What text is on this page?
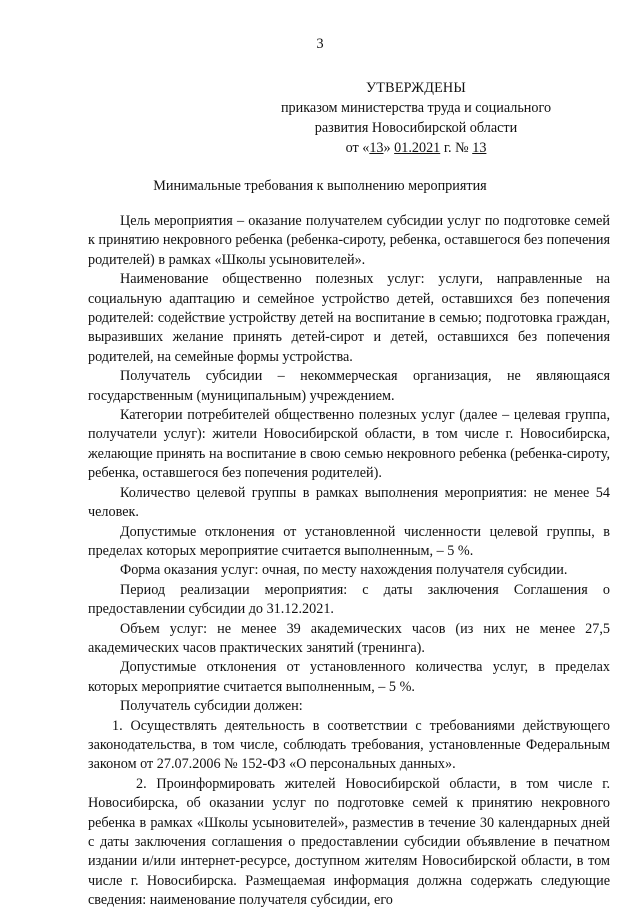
3
УТВЕРЖДЕНЫ
приказом министерства труда и социального
развития Новосибирской области
от «13» 01.2021 г. № 13
Минимальные требования к выполнению мероприятия

Цель мероприятия – оказание получателем субсидии услуг по подготовке семей к принятию некровного ребенка (ребенка-сироту, ребенка, оставшегося без попечения родителей) в рамках «Школы усыновителей».

Наименование общественно полезных услуг: услуги, направленные на социальную адаптацию и семейное устройство детей, оставшихся без попечения родителей: содействие устройству детей на воспитание в семью; подготовка граждан, выразивших желание принять детей-сирот и детей, оставшихся без попечения родителей, на семейные формы устройства.

Получатель субсидии – некоммерческая организация, не являющаяся государственным (муниципальным) учреждением.

Категории потребителей общественно полезных услуг (далее – целевая группа, получатели услуг): жители Новосибирской области, в том числе г. Новосибирска, желающие принять на воспитание в свою семью некровного ребенка (ребенка-сироту, ребенка, оставшегося без попечения родителей).

Количество целевой группы в рамках выполнения мероприятия: не менее 54 человек.

Допустимые отклонения от установленной численности целевой группы, в пределах которых мероприятие считается выполненным, – 5 %.

Форма оказания услуг: очная, по месту нахождения получателя субсидии.

Период реализации мероприятия: с даты заключения Соглашения о предоставлении субсидии до 31.12.2021.

Объем услуг: не менее 39 академических часов (из них не менее 27,5 академических часов практических занятий (тренинга).

Допустимые отклонения от установленного количества услуг, в пределах которых мероприятие считается выполненным, – 5 %.

Получатель субсидии должен:

1. Осуществлять деятельность в соответствии с требованиями действующего законодательства, в том числе, соблюдать требования, установленные Федеральным законом от 27.07.2006 № 152-ФЗ «О персональных данных».

2. Проинформировать жителей Новосибирской области, в том числе г. Новосибирска, об оказании услуг по подготовке семей к принятию некровного ребенка в рамках «Школы усыновителей», разместив в течение 30 календарных дней с даты заключения соглашения о предоставлении субсидии объявление в печатном издании и/или интернет-ресурсе, доступном жителям Новосибирской области, в том числе г. Новосибирска. Размещаемая информация должна содержать следующие сведения: наименование получателя субсидии, его
